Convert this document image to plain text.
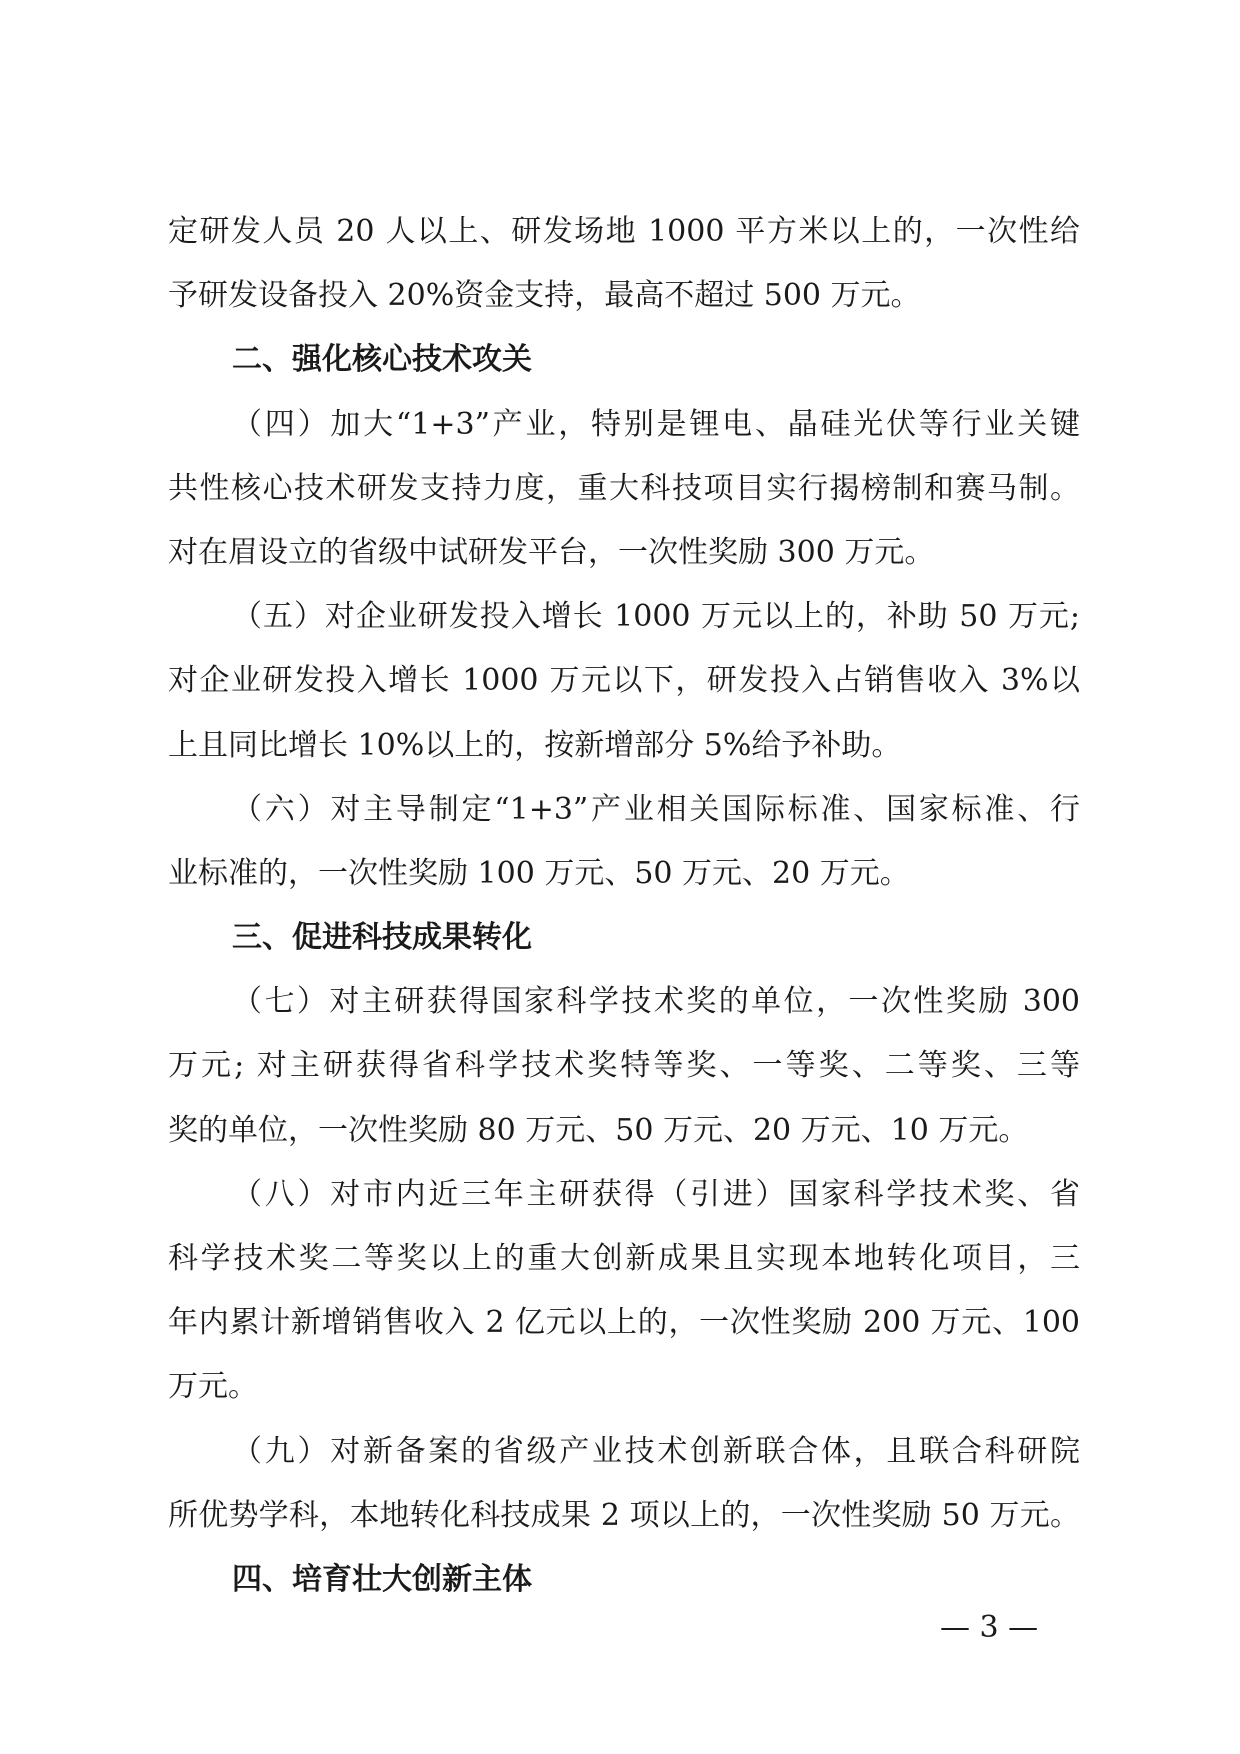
定研发人员 20 人以上、研发场地 1000 平方米以上的，一次性给
予研发设备投入 20%资金支持，最高不超过 500 万元。
二、强化核心技术攻关
（四）加大“1+3”产业，特别是锂电、晶硅光伏等行业关键
共性核心技术研发支持力度，重大科技项目实行揭榜制和赛马制。
对在眉设立的省级中试研发平台，一次性奖励 300 万元。
（五）对企业研发投入增长 1000 万元以上的，补助 50 万元;
对企业研发投入增长 1000 万元以下，研发投入占销售收入 3%以
上且同比增长 10%以上的，按新增部分 5%给予补助。
（六）对主导制定“1+3”产业相关国际标准、国家标准、行
业标准的，一次性奖励 100 万元、50 万元、20 万元。
三、促进科技成果转化
（七）对主研获得国家科学技术奖的单位，一次性奖励 300
万元; 对主研获得省科学技术奖特等奖、一等奖、二等奖、三等
奖的单位，一次性奖励 80 万元、50 万元、20 万元、10 万元。
（八）对市内近三年主研获得（引进）国家科学技术奖、省
科学技术奖二等奖以上的重大创新成果且实现本地转化项目，三
年内累计新增销售收入 2 亿元以上的，一次性奖励 200 万元、100
万元。
（九）对新备案的省级产业技术创新联合体，且联合科研院
所优势学科，本地转化科技成果 2 项以上的，一次性奖励 50 万元。
四、培育壮大创新主体
— 3 —
